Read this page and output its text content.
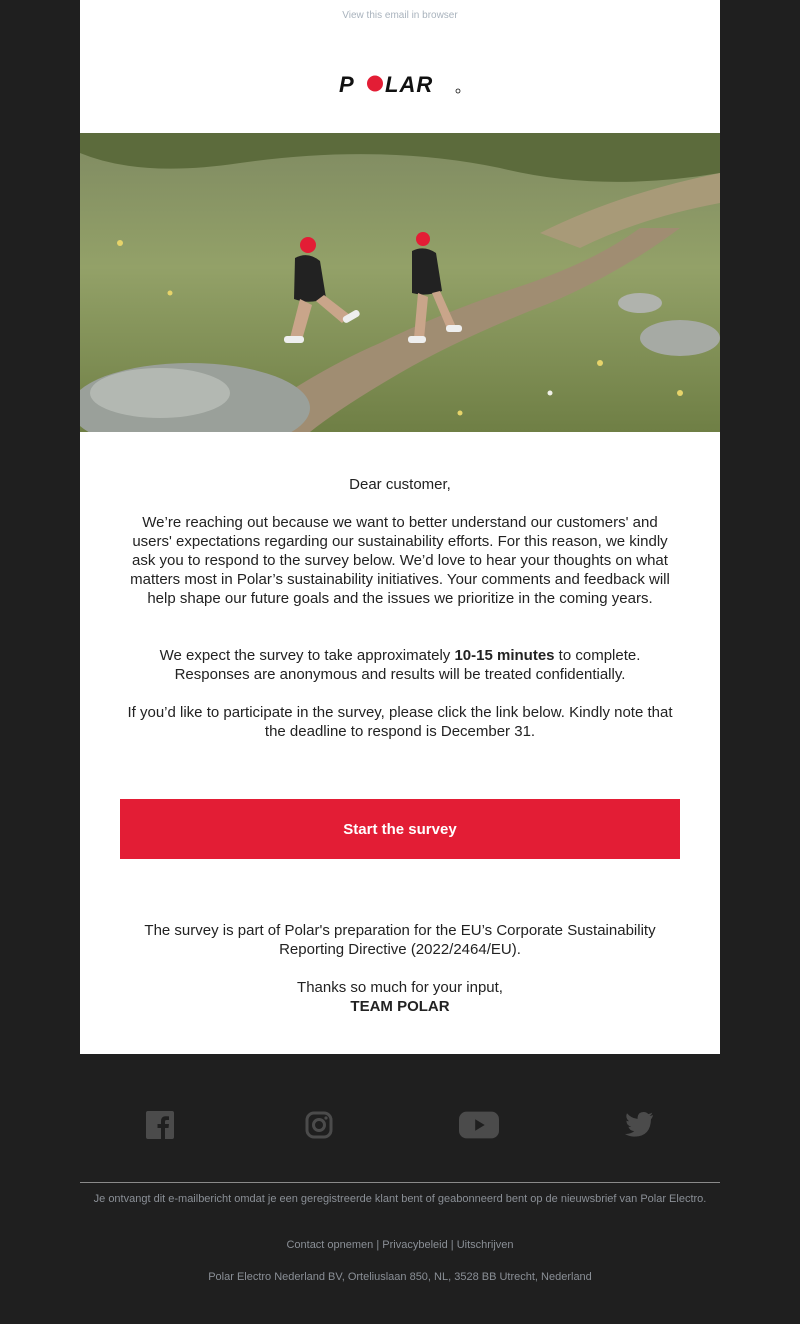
View this email in browser
P LAR

Dear customer,

We’re reaching out because we want to better understand our customers' and users' expectations regarding our sustainability efforts. For this reason, we kindly ask you to respond to the survey below. We’d love to hear your thoughts on what matters most in Polar’s sustainability initiatives. Your comments and feedback will help shape our future goals and the issues we prioritize in the coming years.

We expect the survey to take approximately 10-15 minutes to complete. Responses are anonymous and results will be treated confidentially.

If you’d like to participate in the survey, please click the link below. Kindly note that the deadline to respond is December 31.

Start the survey

The survey is part of Polar's preparation for the EU’s Corporate Sustainability Reporting Directive (2022/2464/EU).

Thanks so much for your input,

TEAM POLAR

Je ontvangt dit e-mailbericht omdat je een geregistreerde klant bent of geabonneerd bent op de nieuwsbrief van Polar Electro.
Contact opnemen | Privacybeleid | Uitschrijven
Polar Electro Nederland BV, Orteliuslaan 850, NL, 3528 BB Utrecht, Nederland
